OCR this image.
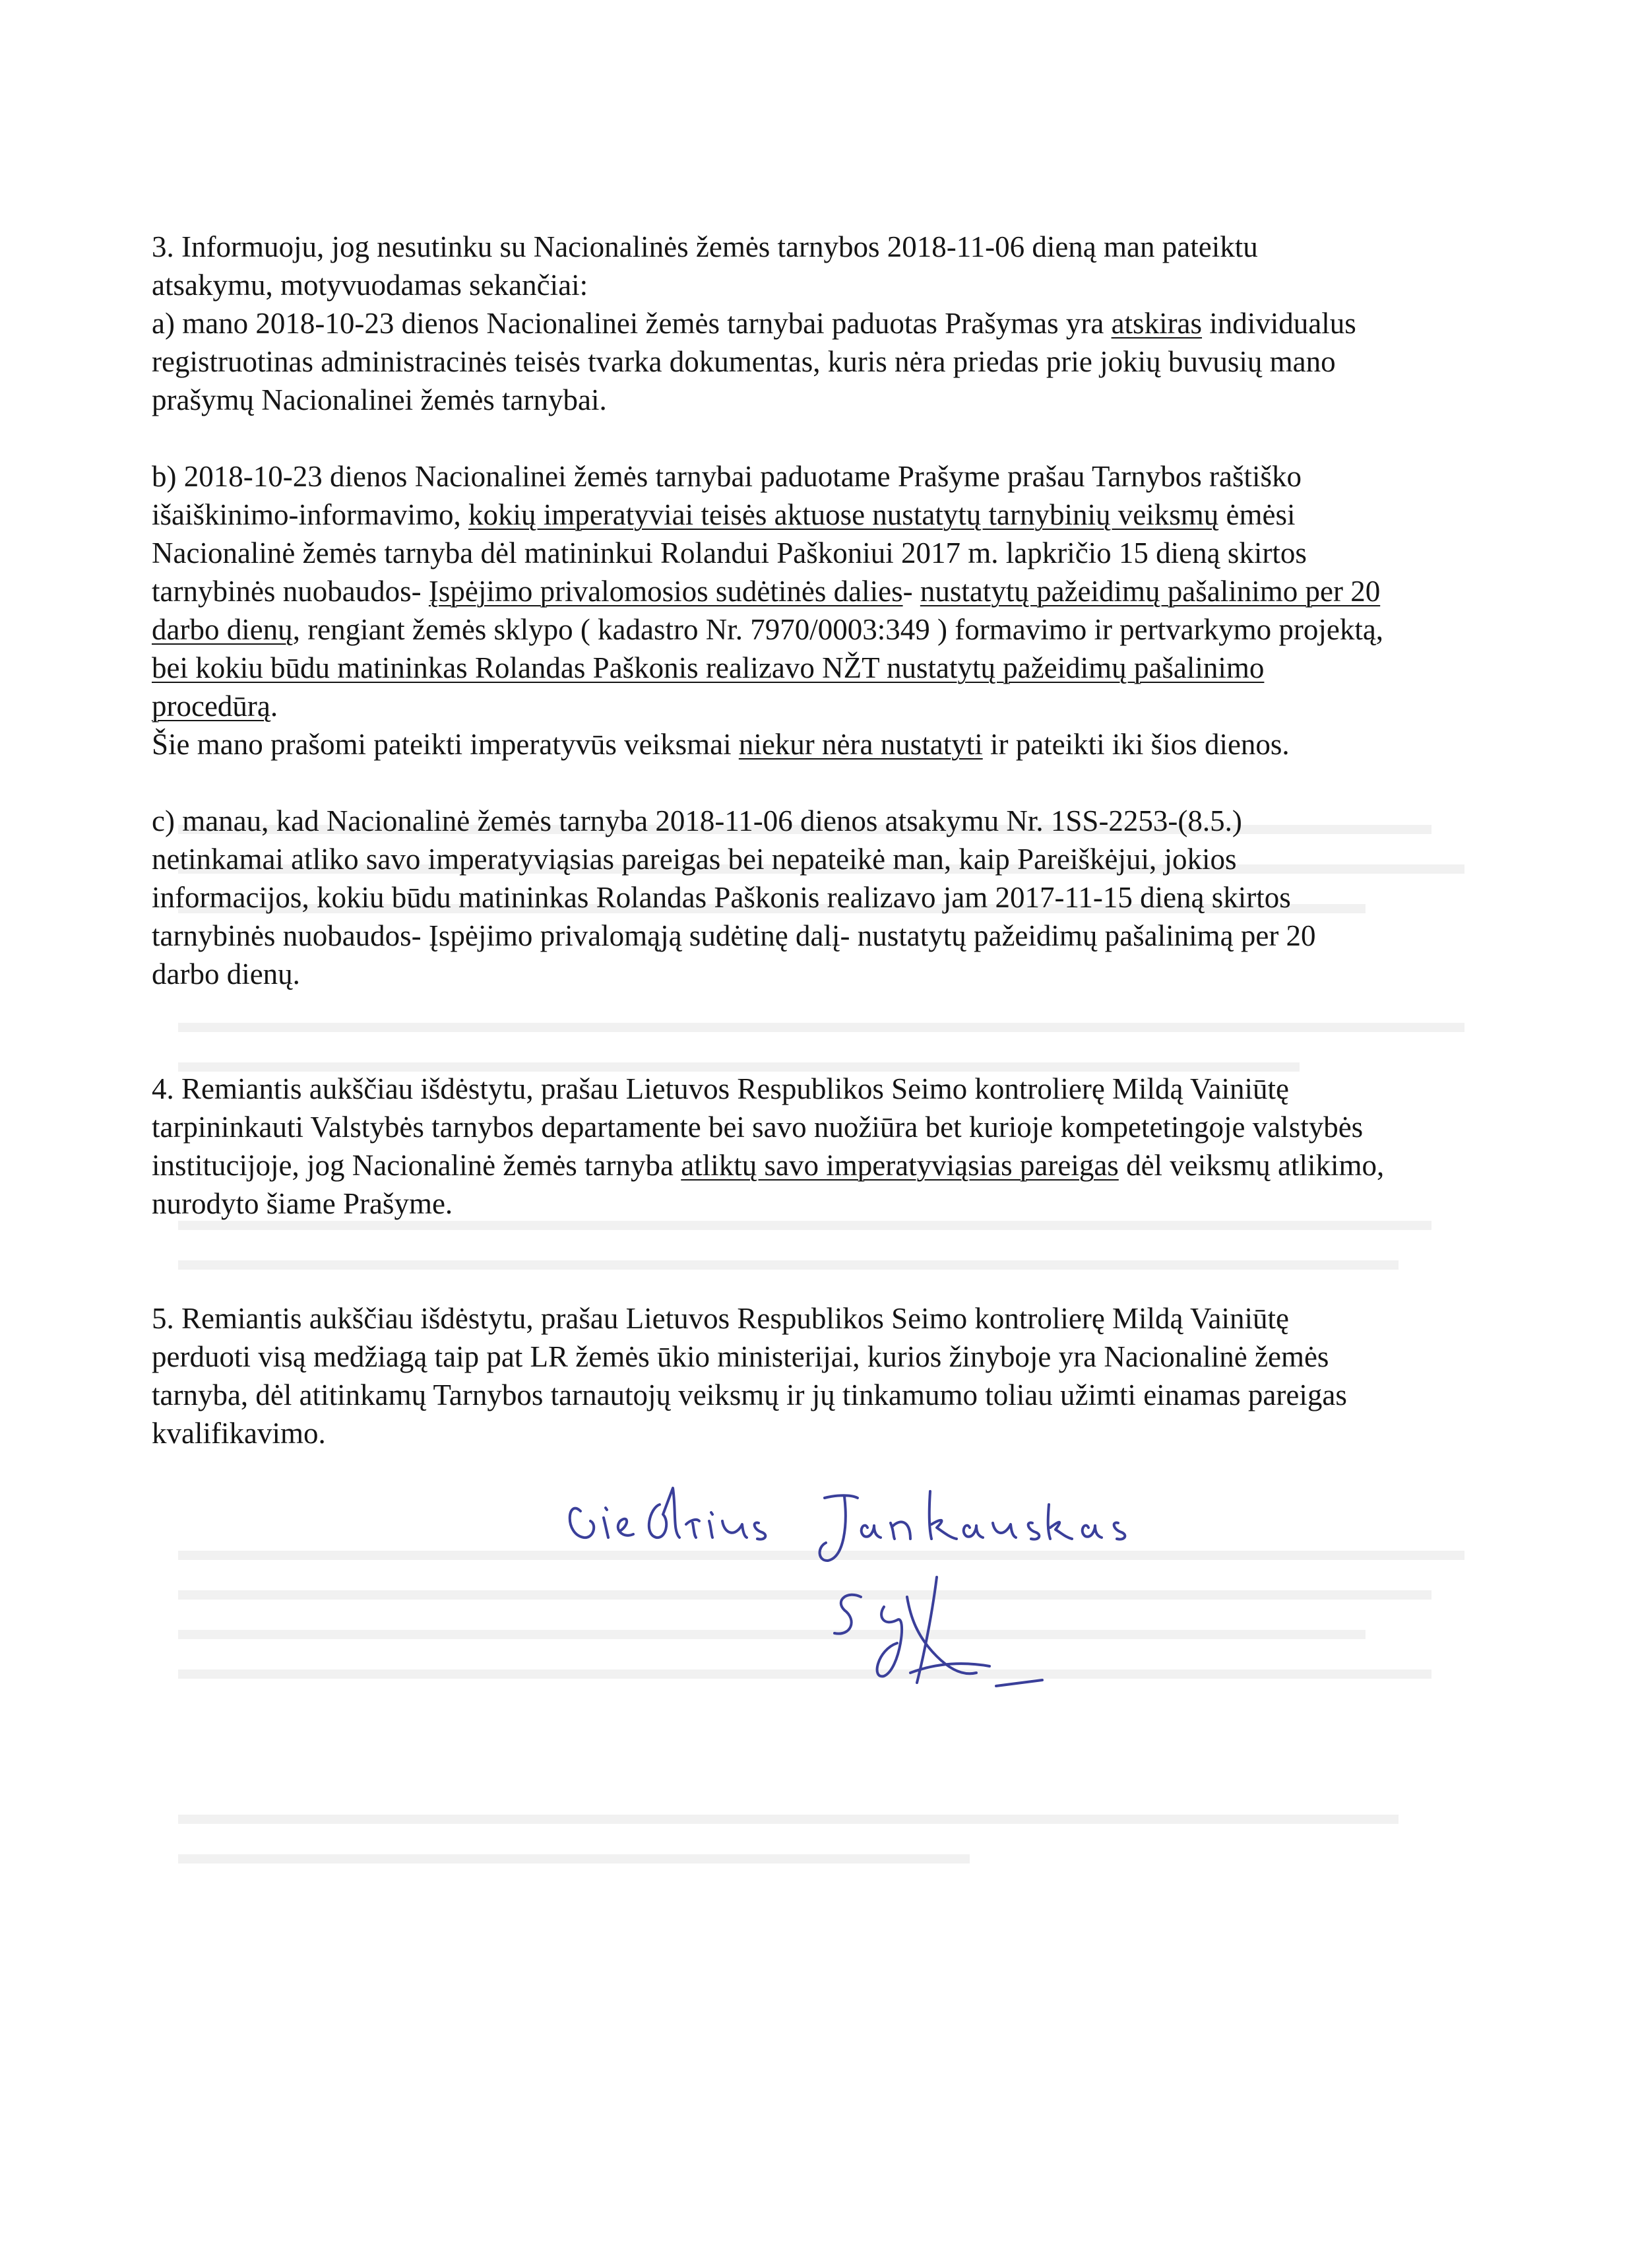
3. Informuoju, jog nesutinku su Nacionalinės žemės tarnybos 2018-11-06 dieną man pateiktu

atsakymu, motyvuodamas sekančiai:

a) mano 2018-10-23 dienos Nacionalinei žemės tarnybai paduotas Prašymas yra atskiras individualus

registruotinas administracinės teisės tvarka dokumentas, kuris nėra priedas prie jokių buvusių mano

prašymų Nacionalinei žemės tarnybai.

b) 2018-10-23 dienos Nacionalinei žemės tarnybai paduotame Prašyme prašau Tarnybos raštiško

išaiškinimo-informavimo, kokių imperatyviai teisės aktuose nustatytų tarnybinių veiksmų ėmėsi

Nacionalinė žemės tarnyba dėl matininkui Rolandui Paškoniui 2017 m. lapkričio 15 dieną skirtos

tarnybinės nuobaudos- Įspėjimo privalomosios sudėtinės dalies- nustatytų pažeidimų pašalinimo per 20

darbo dienų, rengiant žemės sklypo ( kadastro Nr. 7970/0003:349 ) formavimo ir pertvarkymo projektą,

bei kokiu būdu matininkas Rolandas Paškonis realizavo NŽT nustatytų pažeidimų pašalinimo

procedūrą.

Šie mano prašomi pateikti imperatyvūs veiksmai niekur nėra nustatyti ir pateikti iki šios dienos.

c) manau, kad Nacionalinė žemės tarnyba 2018-11-06 dienos atsakymu Nr. 1SS-2253-(8.5.)

netinkamai atliko savo imperatyviąsias pareigas bei nepateikė man, kaip Pareiškėjui, jokios

informacijos, kokiu būdu matininkas Rolandas Paškonis realizavo jam 2017-11-15 dieną skirtos

tarnybinės nuobaudos- Įspėjimo privalomąją sudėtinę dalį- nustatytų pažeidimų pašalinimą per 20

darbo dienų.

4. Remiantis aukščiau išdėstytu, prašau Lietuvos Respublikos Seimo kontrolierę Mildą Vainiūtę

tarpininkauti Valstybės tarnybos departamente bei savo nuožiūra bet kurioje kompetetingoje valstybės

institucijoje, jog Nacionalinė žemės tarnyba atliktų savo imperatyviąsias pareigas dėl veiksmų atlikimo,

nurodyto šiame Prašyme.

5. Remiantis aukščiau išdėstytu, prašau Lietuvos Respublikos Seimo kontrolierę Mildą Vainiūtę

perduoti visą medžiagą taip pat LR žemės ūkio ministerijai, kurios žinyboje yra Nacionalinė žemės

tarnyba, dėl atitinkamų Tarnybos tarnautojų veiksmų ir jų tinkamumo toliau užimti einamas pareigas

kvalifikavimo.
